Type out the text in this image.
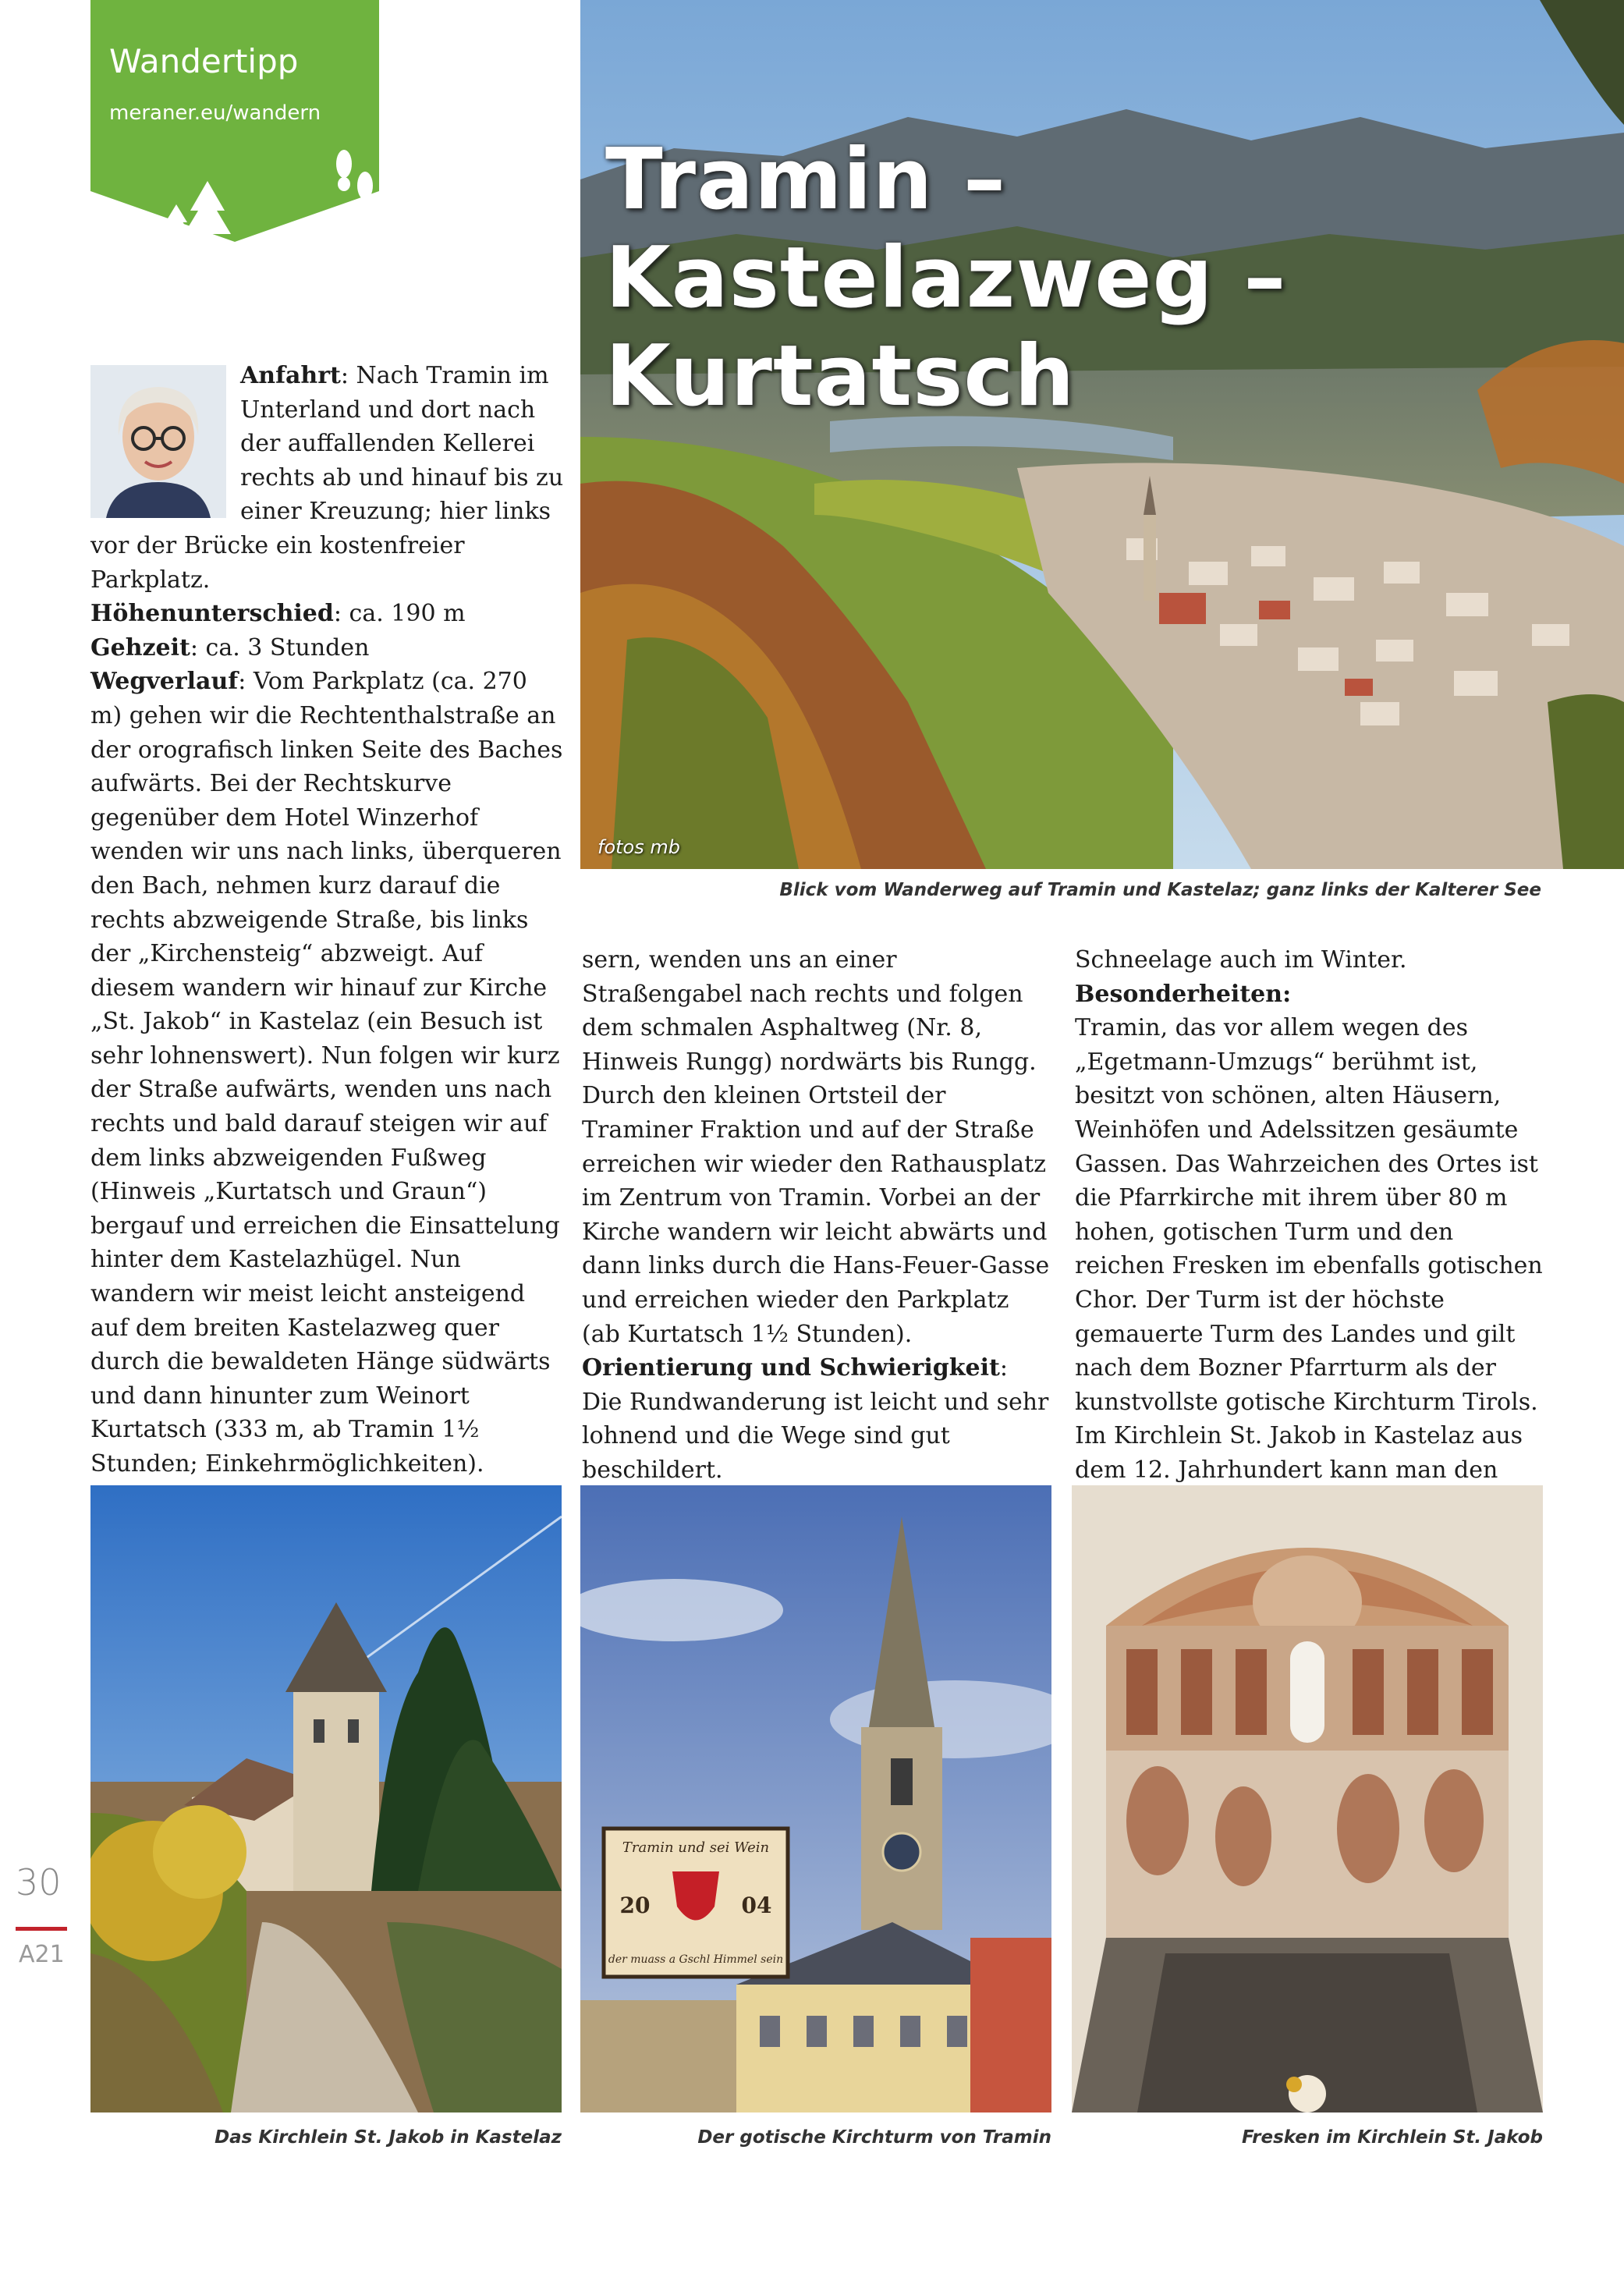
Wandertipp
meraner.eu/wandern
Tramin – Kastelazweg – Kurtatsch
fotos mb
Blick vom Wanderweg auf Tramin und Kastelaz; ganz links der Kalterer See

Anfahrt: Nach Tramin im Unterland und dort nach der auffallenden Kellerei rechts ab und hinauf bis zu einer Kreuzung; hier links vor der Brücke ein kostenfreier Parkplatz.

Höhenunterschied: ca. 190 m

Gehzeit: ca. 3 Stunden

Wegverlauf: Vom Parkplatz (ca. 270 m) gehen wir die Rechtenthalstraße an der orografisch linken Seite des Baches aufwärts. Bei der Rechtskurve gegenüber dem Hotel Winzerhof wenden wir uns nach links, überqueren den Bach, nehmen kurz darauf die rechts abzweigende Straße, bis links der „Kirchensteig“ abzweigt. Auf diesem wandern wir hinauf zur Kirche „St. Jakob“ in Kastelaz (ein Besuch ist sehr lohnenswert). Nun folgen wir kurz der Straße aufwärts, wenden uns nach rechts und bald darauf steigen wir auf dem links abzweigenden Fußweg (Hinweis „Kurtatsch und Graun“) bergauf und erreichen die Einsattelung hinter dem Kastelazhügel. Nun wandern wir meist leicht ansteigend auf dem breiten Kastelazweg quer durch die bewaldeten Hänge südwärts und dann hinunter zum Weinort Kurtatsch (333 m, ab Tramin 1½ Stunden; Einkehrmöglichkeiten).

sern, wenden uns an einer Straßengabel nach rechts und folgen dem schmalen Asphaltweg (Nr. 8, Hinweis Rungg) nordwärts bis Rungg. Durch den kleinen Ortsteil der Traminer Fraktion und auf der Straße erreichen wir wieder den Rathausplatz im Zentrum von Tramin. Vorbei an der Kirche wandern wir leicht abwärts und dann links durch die Hans-Feuer-Gasse und erreichen wieder den Parkplatz (ab Kurtatsch 1½ Stunden).

Orientierung und Schwierigkeit: Die Rundwanderung ist leicht und sehr lohnend und die Wege sind gut beschildert.

Schneelage auch im Winter.

Besonderheiten:

Tramin, das vor allem wegen des „Egetmann-Umzugs“ berühmt ist, besitzt von schönen, alten Häusern, Weinhöfen und Adelssitzen gesäumte Gassen. Das Wahrzeichen des Ortes ist die Pfarrkirche mit ihrem über 80 m hohen, gotischen Turm und den reichen Fresken im ebenfalls gotischen Chor. Der Turm ist der höchste gemauerte Turm des Landes und gilt nach dem Bozner Pfarrturm als der kunstvollste gotische Kirchturm Tirols.

Im Kirchlein St. Jakob in Kastelaz aus dem 12. Jahrhundert kann man den

Das Kirchlein St. Jakob in Kastelaz
Tramin und sei Wein
20	04
der muass a Gschl Himmel sein
Der gotische Kirchturm von Tramin	Fresken im Kirchlein St. Jakob
30
A21
